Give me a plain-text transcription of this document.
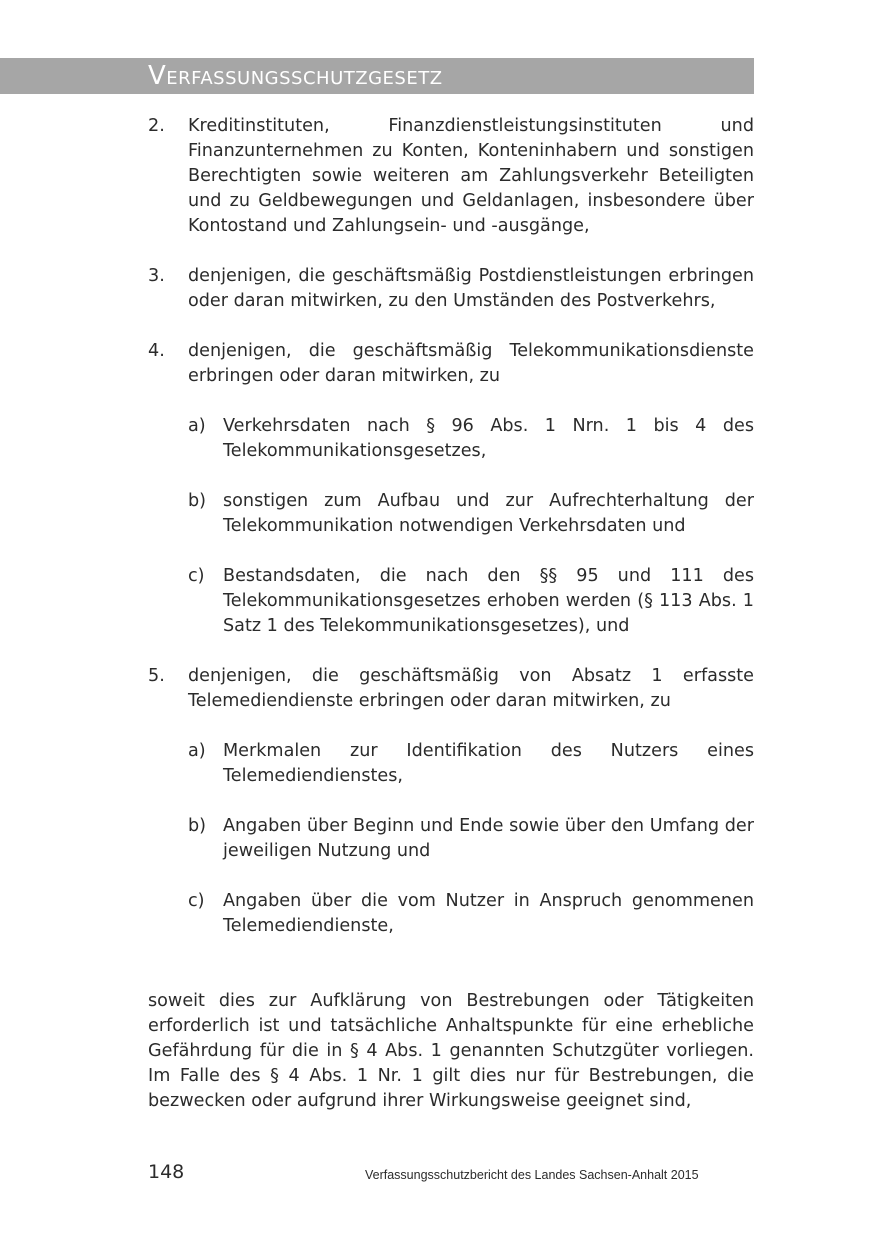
Verfassungsschutzgesetz
2. Kreditinstituten, Finanzdienstleistungsinstituten und Finanzunternehmen zu Konten, Konteninhabern und sonstigen Berechtigten sowie weiteren am Zahlungsverkehr Beteiligten und zu Geldbewegungen und Geldanlagen, insbesondere über Kontostand und Zahlungsein- und -ausgänge,

3. denjenigen, die geschäftsmäßig Postdienstleistungen erbringen oder daran mitwirken, zu den Umständen des Postverkehrs,

4. denjenigen, die geschäftsmäßig Telekommunikationsdienste erbringen oder daran mitwirken, zu

a) Verkehrsdaten nach § 96 Abs. 1 Nrn. 1 bis 4 des Telekommunikationsgesetzes,

b) sonstigen zum Aufbau und zur Aufrechterhaltung der Telekommunikation notwendigen Verkehrsdaten und

c) Bestandsdaten, die nach den §§ 95 und 111 des Telekommunikationsgesetzes erhoben werden (§ 113 Abs. 1 Satz 1 des Telekommunikationsgesetzes), und

5. denjenigen, die geschäftsmäßig von Absatz 1 erfasste Telemediendienste erbringen oder daran mitwirken, zu

a) Merkmalen zur Identifikation des Nutzers eines Telemediendienstes,

b) Angaben über Beginn und Ende sowie über den Umfang der jeweiligen Nutzung und

c) Angaben über die vom Nutzer in Anspruch genommenen Telemediendienste,

soweit dies zur Aufklärung von Bestrebungen oder Tätigkeiten erforderlich ist und tatsächliche Anhaltspunkte für eine erhebliche Gefährdung für die in § 4 Abs. 1 genannten Schutzgüter vorliegen. Im Falle des § 4 Abs. 1 Nr. 1 gilt dies nur für Bestrebungen, die bezwecken oder aufgrund ihrer Wirkungsweise geeignet sind,

148	Verfassungsschutzbericht des Landes Sachsen-Anhalt 2015
